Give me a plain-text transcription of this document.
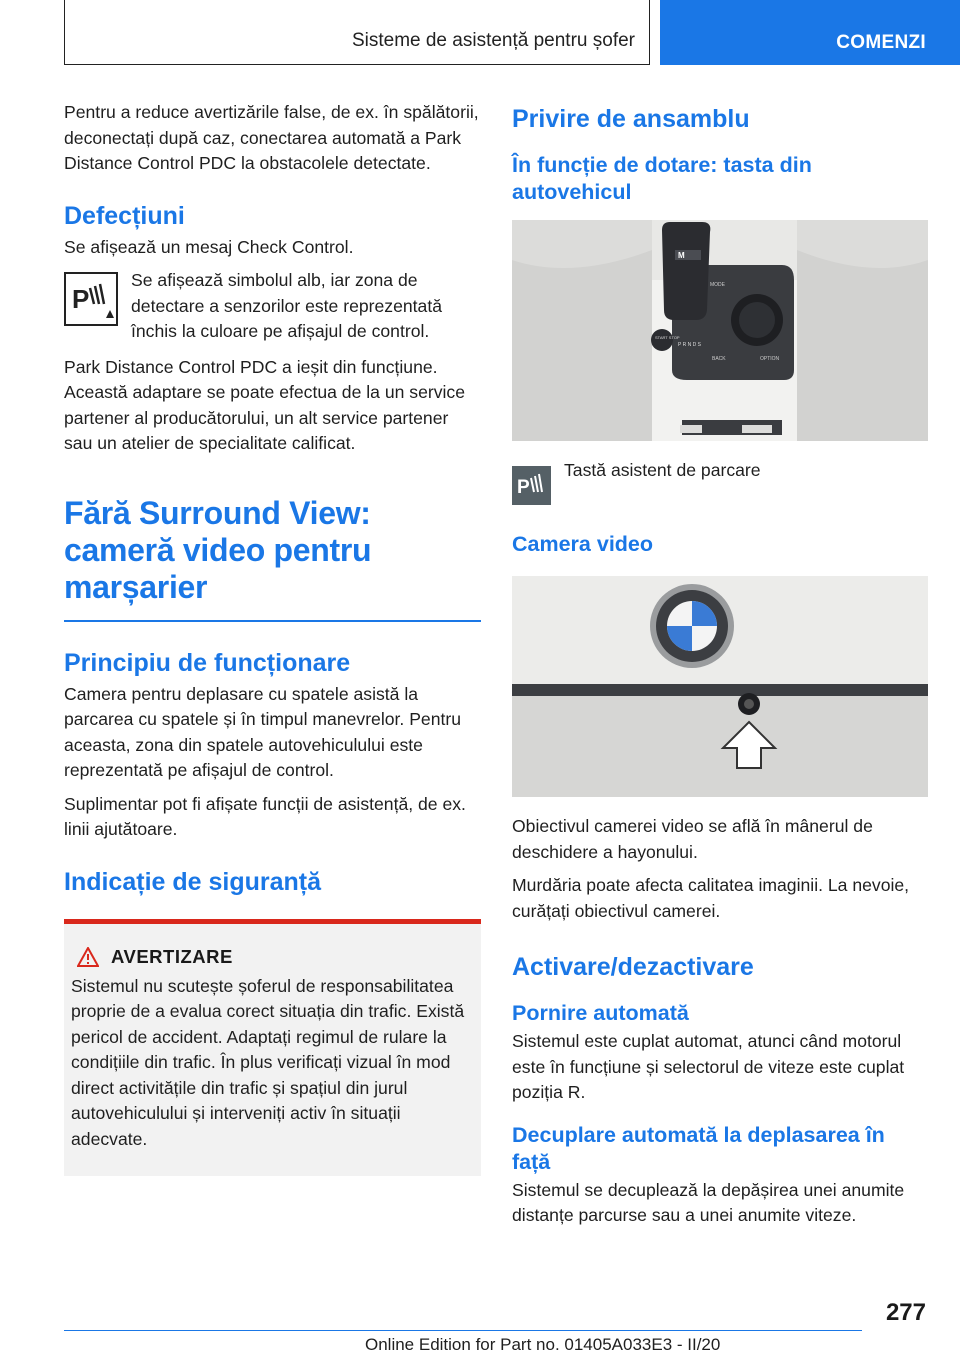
Sisteme de asistență pentru șofer	COMENZI

Pentru a reduce avertizările false, de ex. în spălătorii, deconectați după caz, conectarea automată a Park Distance Control PDC la obstacolele detectate.

Defecțiuni

Se afișează un mesaj Check Control.

P

Se afișează simbolul alb, iar zona de detectare a senzorilor este reprezentată închis la culoare pe afișajul de control.

Park Distance Control PDC a ieșit din funcțiune. Această adaptare se poate efectua de la un service partener al producătorului, un alt service partener sau un atelier de specialitate calificat.

Fără Surround View: cameră video pentru marșarier
Principiu de funcționare

Camera pentru deplasare cu spatele asistă la parcarea cu spatele și în timpul manevrelor. Pentru aceasta, zona din spatele autovehiculului este reprezentată pe afișajul de control.

Suplimentar pot fi afișate funcții de asistență, de ex. linii ajutătoare.

Indicație de siguranță
AVERTIZARE

Sistemul nu scutește șoferul de responsabilitatea proprie de a evalua corect situația din trafic. Există pericol de accident. Adaptați regimul de rulare la condițiile din trafic. În plus verificați vizual în mod direct activitățile din trafic și spațiul din jurul autovehiculului și interveniți activ în situații adecvate.

Privire de ansamblu
În funcție de dotare: tasta din autovehicul
M
MODE
BACK	OPTION
START STOP
P R N D S
P

Tastă asistent de parcare

Camera video

Obiectivul camerei video se află în mânerul de deschidere a hayonului.

Murdăria poate afecta calitatea imaginii. La nevoie, curățați obiectivul camerei.

Activare/dezactivare
Pornire automată

Sistemul este cuplat automat, atunci când motorul este în funcțiune și selectorul de viteze este cuplat poziția R.

Decuplare automată la deplasarea în față

Sistemul se decuplează la depășirea unei anumite distanțe parcurse sau a unei anumite viteze.

277
Online Edition for Part no. 01405A033E3 - II/20
